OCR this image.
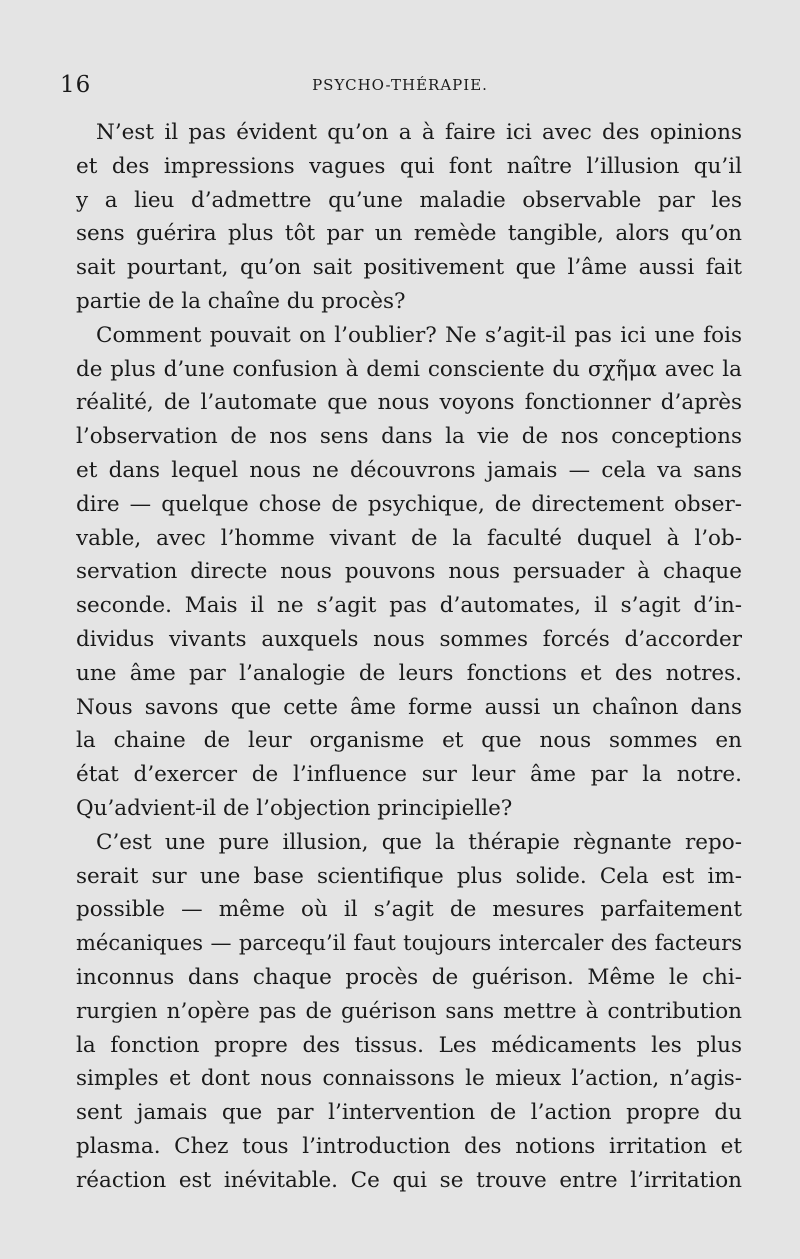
16	PSYCHO-THÉRAPIE.
N’est il pas évident qu’on a à faire ici avec des opinions
et des impressions vagues qui font naître l’illusion qu’il
y a lieu d’admettre qu’une maladie observable par les
sens guérira plus tôt par un remède tangible, alors qu’on
sait pourtant, qu’on sait positivement que l’âme aussi fait
partie de la chaîne du procès?
Comment pouvait on l’oublier? Ne s’agit-il pas ici une fois
de plus d’une confusion à demi consciente du σχῆμα avec la
réalité, de l’automate que nous voyons fonctionner d’après
l’observation de nos sens dans la vie de nos conceptions
et dans lequel nous ne découvrons jamais — cela va sans
dire — quelque chose de psychique, de directement obser-
vable, avec l’homme vivant de la faculté duquel à l’ob-
servation directe nous pouvons nous persuader à chaque
seconde. Mais il ne s’agit pas d’automates, il s’agit d’in-
dividus vivants auxquels nous sommes forcés d’accorder
une âme par l’analogie de leurs fonctions et des notres.
Nous savons que cette âme forme aussi un chaînon dans
la chaine de leur organisme et que nous sommes en
état d’exercer de l’influence sur leur âme par la notre.
Qu’advient-il de l’objection principielle?
C’est une pure illusion, que la thérapie règnante repo-
serait sur une base scientifique plus solide. Cela est im-
possible — même où il s’agit de mesures parfaitement
mécaniques — parcequ’il faut toujours intercaler des facteurs
inconnus dans chaque procès de guérison. Même le chi-
rurgien n’opère pas de guérison sans mettre à contribution
la fonction propre des tissus. Les médicaments les plus
simples et dont nous connaissons le mieux l’action, n’agis-
sent jamais que par l’intervention de l’action propre du
plasma. Chez tous l’introduction des notions irritation et
réaction est inévitable. Ce qui se trouve entre l’irritation
